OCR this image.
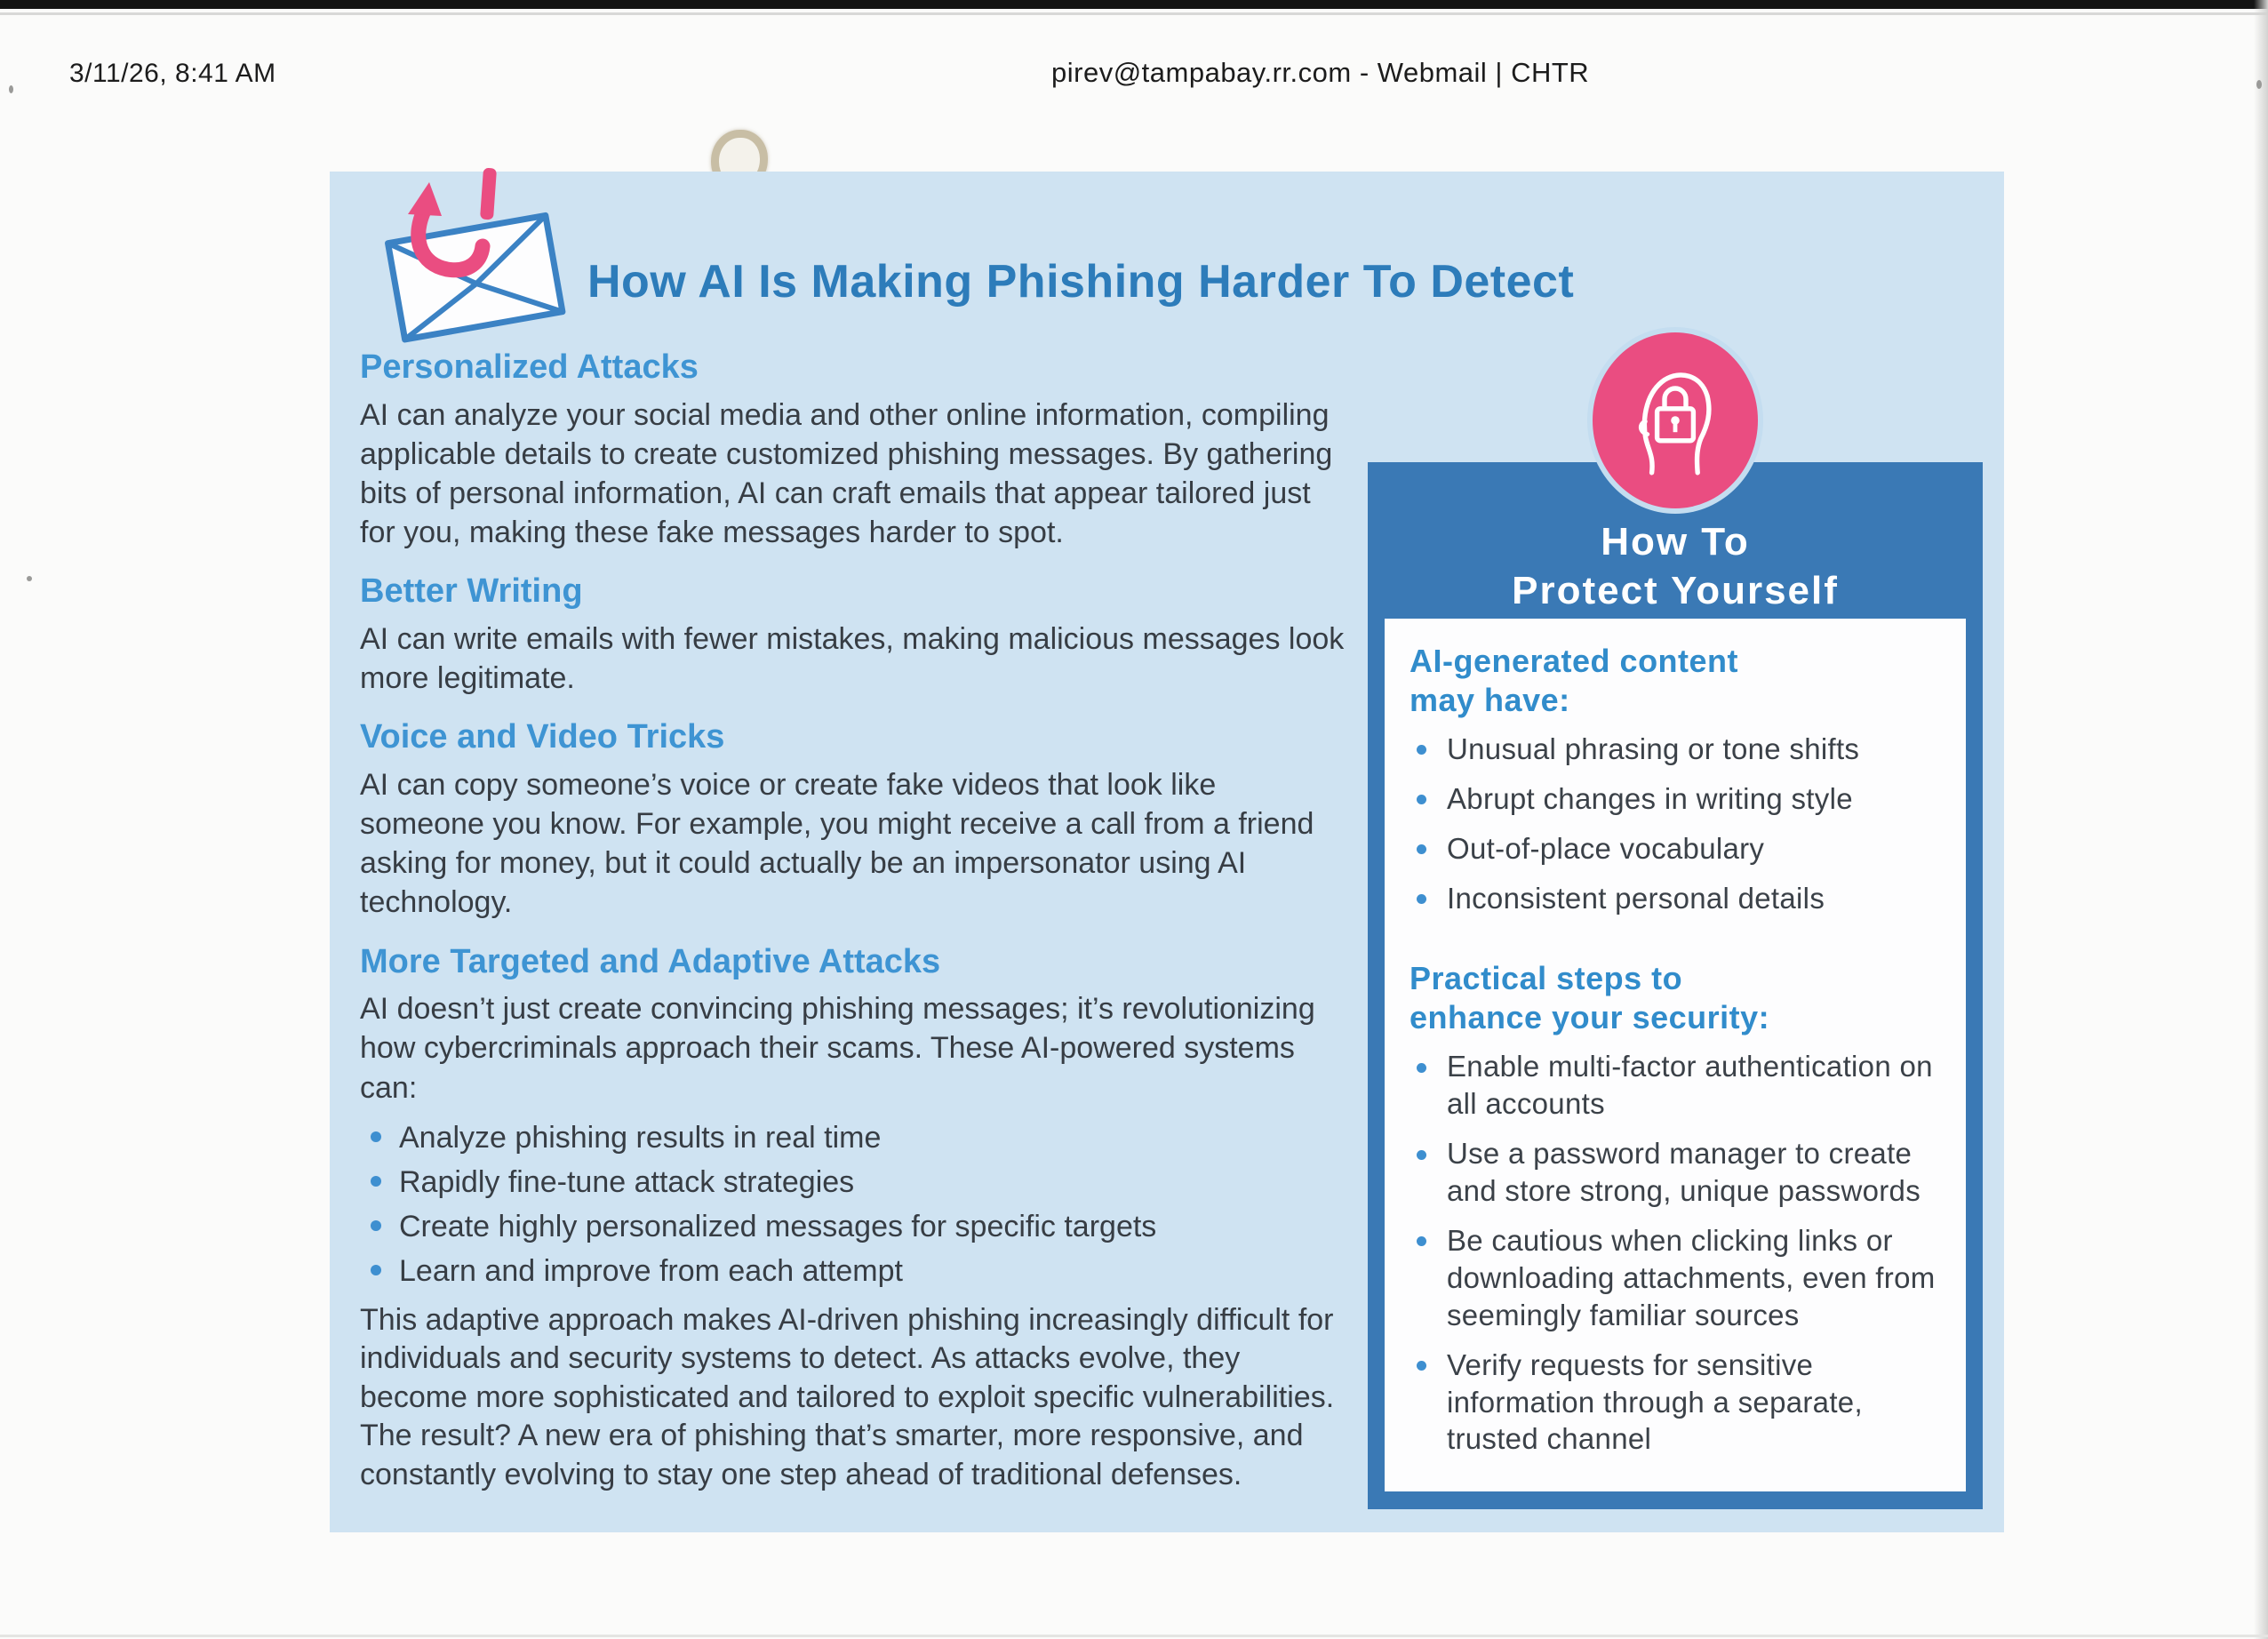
3/11/26, 8:41 AM	pirev@tampabay.rr.com - Webmail | CHTR
How AI Is Making Phishing Harder To Detect
Personalized Attacks

AI can analyze your social media and other online information, compiling applicable details to create customized phishing messages. By gathering bits of personal information, AI can craft emails that appear tailored just for you, making these fake messages harder to spot.

Better Writing

AI can write emails with fewer mistakes, making malicious messages look more legitimate.

Voice and Video Tricks

AI can copy someone’s voice or create fake videos that look like someone you know. For example, you might receive a call from a friend asking for money, but it could actually be an impersonator using AI technology.

More Targeted and Adaptive Attacks

AI doesn’t just create convincing phishing messages; it’s revolutionizing how cybercriminals approach their scams. These AI-powered systems can:

Analyze phishing results in real time
Rapidly fine-tune attack strategies
Create highly personalized messages for specific targets
Learn and improve from each attempt

This adaptive approach makes AI-driven phishing increasingly difficult for individuals and security systems to detect. As attacks evolve, they become more sophisticated and tailored to exploit specific vulnerabilities. The result? A new era of phishing that’s smarter, more responsive, and constantly evolving to stay one step ahead of traditional defenses.

How To
Protect Yourself
AI-generated content
may have:
Unusual phrasing or tone shifts
Abrupt changes in writing style
Out-of-place vocabulary
Inconsistent personal details
Practical steps to
enhance your security:
Enable multi-factor authentication on all accounts
Use a password manager to create and store strong, unique passwords
Be cautious when clicking links or downloading attachments, even from seemingly familiar sources
Verify requests for sensitive information through a separate, trusted channel
